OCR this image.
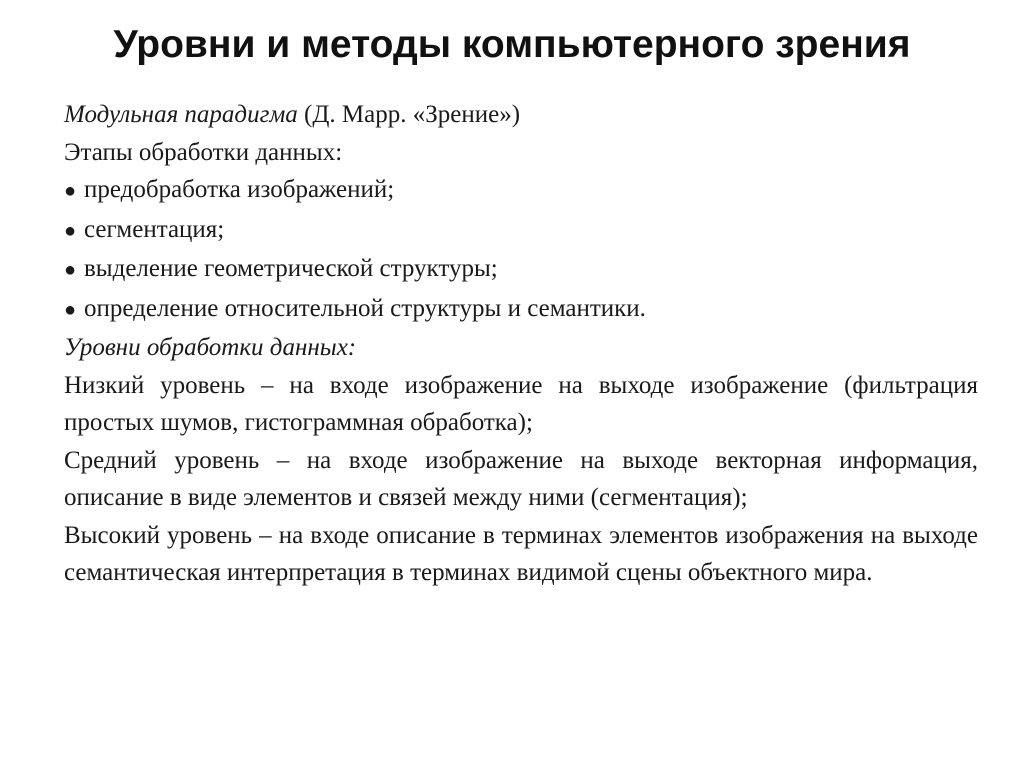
Уровни и методы компьютерного зрения
Модульная парадигма (Д. Марр. «Зрение»)
Этапы обработки данных:
● предобработка изображений;
● сегментация;
● выделение геометрической структуры;
● определение относительной структуры и семантики.
Уровни обработки данных:
Низкий уровень – на входе изображение на выходе изображение (фильтрация простых шумов, гистограммная обработка);
Средний уровень – на входе изображение на выходе векторная информация, описание в виде элементов и связей между ними (сегментация);
Высокий уровень – на входе описание в терминах элементов изображения на выходе семантическая интерпретация в терминах видимой сцены объектного мира.
